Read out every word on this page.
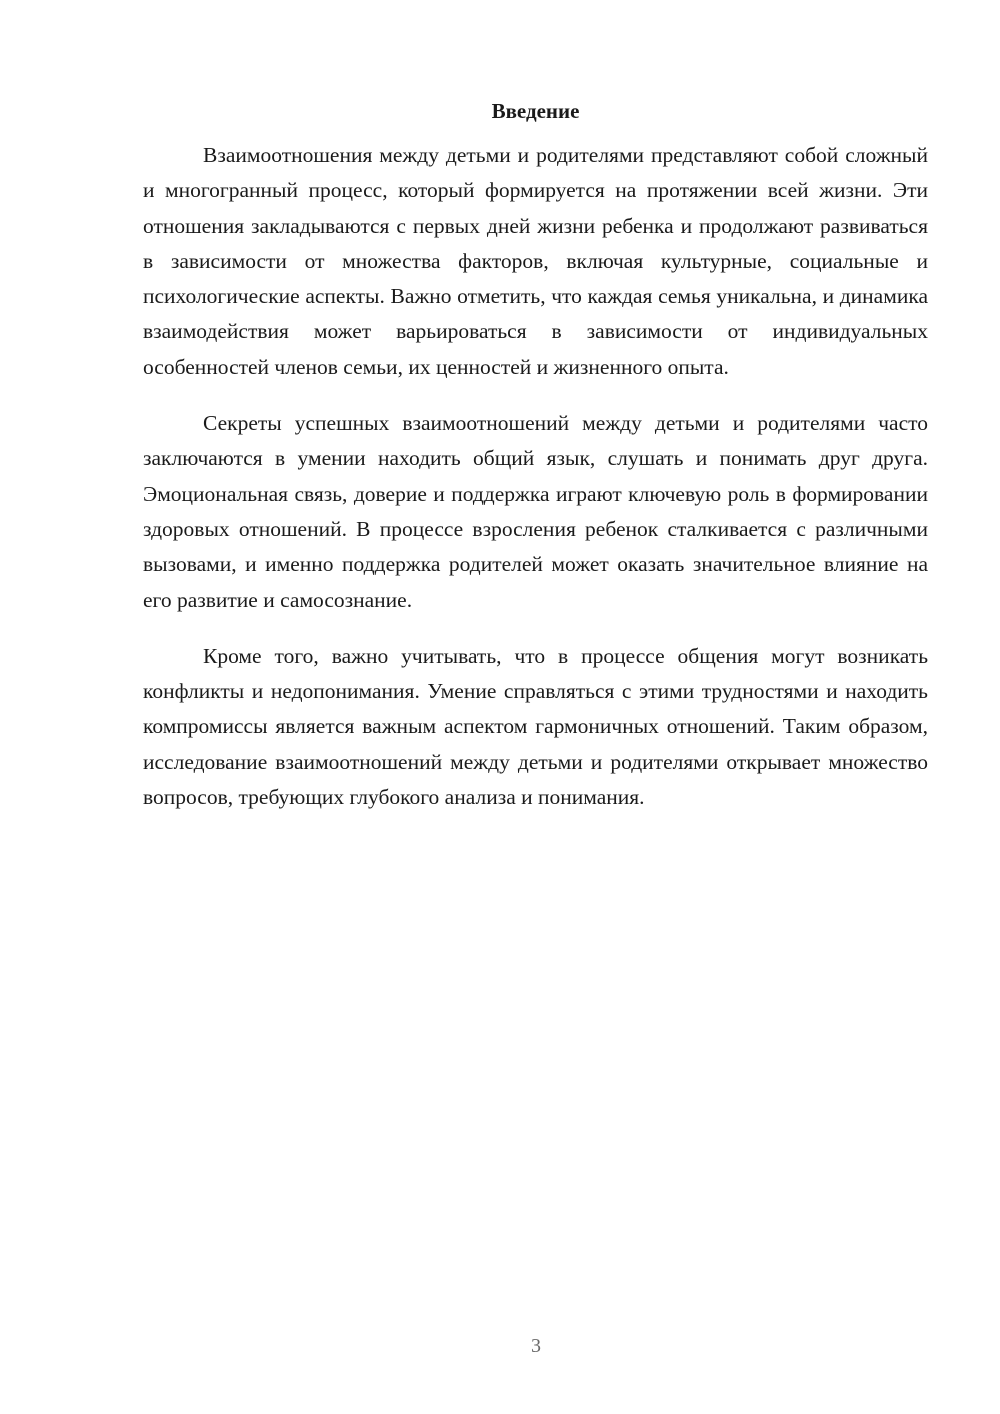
Введение

Взаимоотношения между детьми и родителями представляют собой сложный и многогранный процесс, который формируется на протяжении всей жизни. Эти отношения закладываются с первых дней жизни ребенка и продолжают развиваться в зависимости от множества факторов, включая культурные, социальные и психологические аспекты. Важно отметить, что каждая семья уникальна, и динамика взаимодействия может варьироваться в зависимости от индивидуальных особенностей членов семьи, их ценностей и жизненного опыта.

Секреты успешных взаимоотношений между детьми и родителями часто заключаются в умении находить общий язык, слушать и понимать друг друга. Эмоциональная связь, доверие и поддержка играют ключевую роль в формировании здоровых отношений. В процессе взросления ребенок сталкивается с различными вызовами, и именно поддержка родителей может оказать значительное влияние на его развитие и самосознание.

Кроме того, важно учитывать, что в процессе общения могут возникать конфликты и недопонимания. Умение справляться с этими трудностями и находить компромиссы является важным аспектом гармоничных отношений. Таким образом, исследование взаимоотношений между детьми и родителями открывает множество вопросов, требующих глубокого анализа и понимания.

3
